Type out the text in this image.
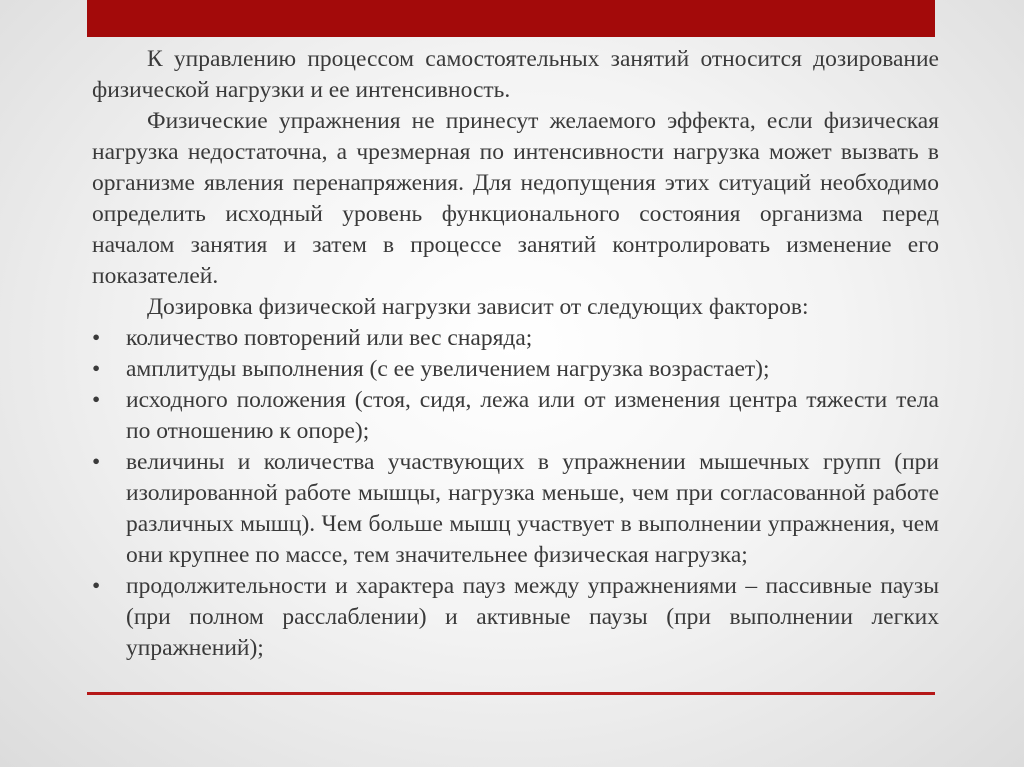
К управлению процессом самостоятельных занятий относится дозирование физической нагрузки и ее интенсивность.

Физические упражнения не принесут желаемого эффекта, если физическая нагрузка недостаточна, а чрезмерная по интенсивности нагрузка может вызвать в организме явления перенапряжения. Для недопущения этих ситуаций необходимо определить исходный уровень функционального состояния организма перед началом занятия и затем в процессе занятий контролировать изменение его показателей.

Дозировка физической нагрузки зависит от следующих факторов:

•	количество повторений или вес снаряда;
•	амплитуды выполнения (с ее увеличением нагрузка возрастает);
•	исходного положения (стоя, сидя, лежа или от изменения центра тяжести тела по отношению к опоре);
•	величины и количества участвующих в упражнении мышечных групп (при изолированной работе мышцы, нагрузка меньше, чем при согласованной работе различных мышц). Чем больше мышц участвует в выполнении упражнения, чем они крупнее по массе, тем значительнее физическая нагрузка;
•	продолжительности и характера пауз между упражнениями – пассивные паузы (при полном расслаблении) и активные паузы (при выполнении легких упражнений);
